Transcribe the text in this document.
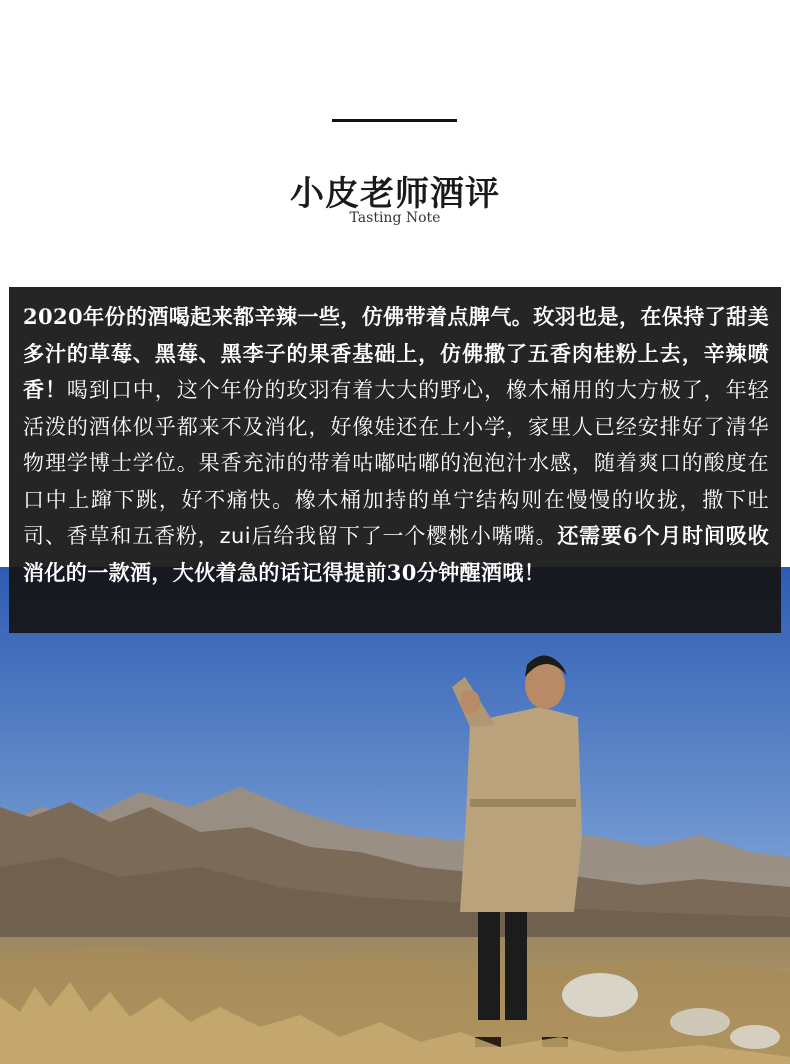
小皮老师酒评
Tasting Note
2020年份的酒喝起来都辛辣一些，仿佛带着点脾气。玫羽也是，在保持了甜美多汁的草莓、黑莓、黑李子的果香基础上，仿佛撒了五香肉桂粉上去，辛辣喷香！喝到口中，这个年份的玫羽有着大大的野心，橡木桶用的大方极了，年轻活泼的酒体似乎都来不及消化，好像娃还在上小学，家里人已经安排好了清华物理学博士学位。果香充沛的带着咕嘟咕嘟的泡泡汁水感，随着爽口的酸度在口中上蹿下跳，好不痛快。橡木桶加持的单宁结构则在慢慢的收拢，撒下吐司、香草和五香粉，zui后给我留下了一个樱桃小嘴嘴。还需要6个月时间吸收消化的一款酒，大伙着急的话记得提前30分钟醒酒哦！
